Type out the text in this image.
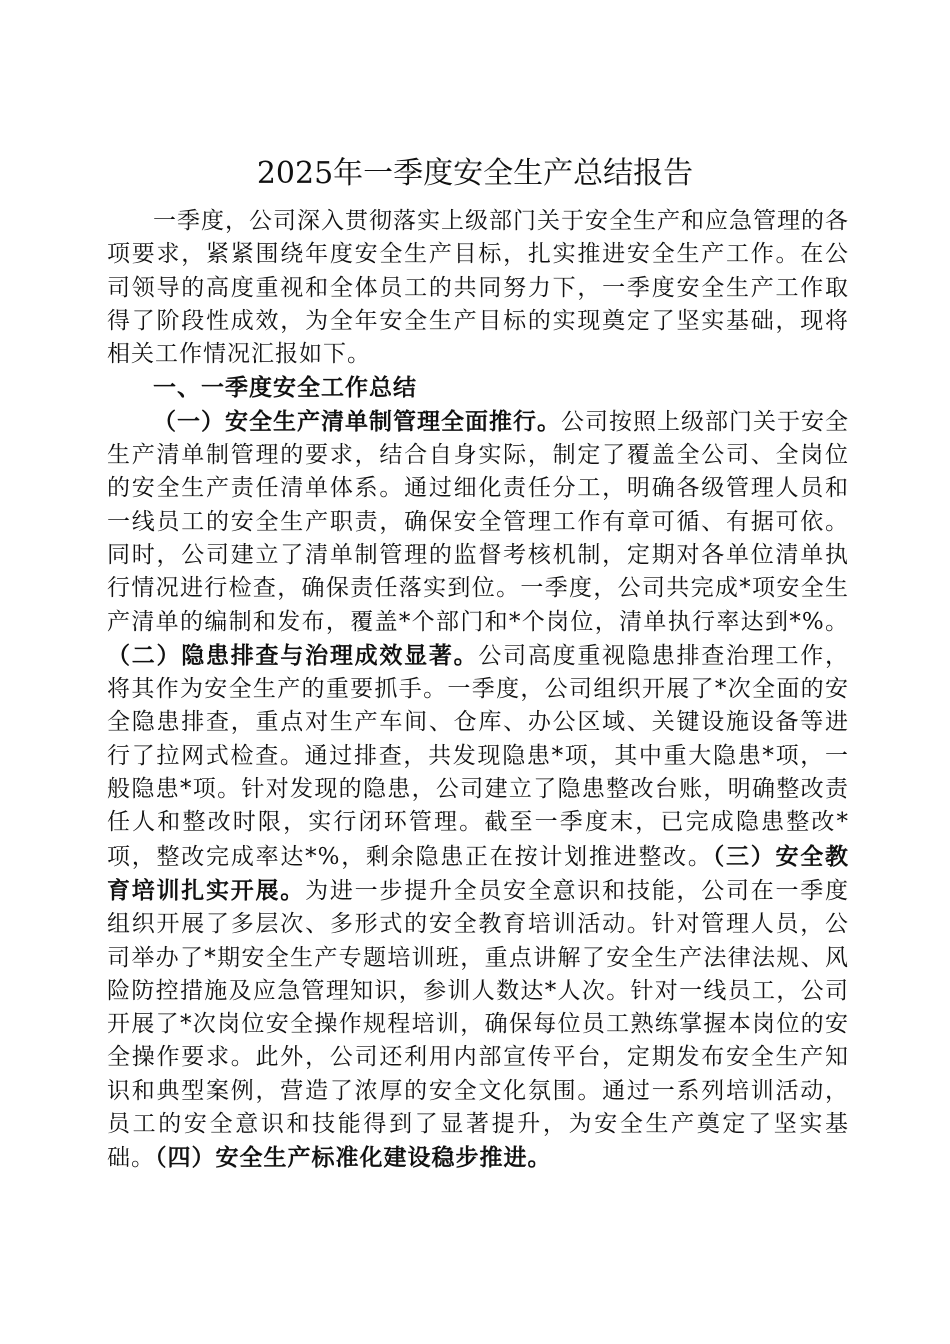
2025年一季度安全生产总结报告

一季度，公司深入贯彻落实上级部门关于安全生产和应急管理的各项要求，紧紧围绕年度安全生产目标，扎实推进安全生产工作。在公司领导的高度重视和全体员工的共同努力下，一季度安全生产工作取得了阶段性成效，为全年安全生产目标的实现奠定了坚实基础，现将相关工作情况汇报如下。

一、一季度安全工作总结

（一）安全生产清单制管理全面推行。公司按照上级部门关于安全生产清单制管理的要求，结合自身实际，制定了覆盖全公司、全岗位的安全生产责任清单体系。通过细化责任分工，明确各级管理人员和一线员工的安全生产职责，确保安全管理工作有章可循、有据可依。同时，公司建立了清单制管理的监督考核机制，定期对各单位清单执行情况进行检查，确保责任落实到位。一季度，公司共完成*项安全生产清单的编制和发布，覆盖*个部门和*个岗位，清单执行率达到*%。（二）隐患排查与治理成效显著。公司高度重视隐患排查治理工作，将其作为安全生产的重要抓手。一季度，公司组织开展了*次全面的安全隐患排查，重点对生产车间、仓库、办公区域、关键设施设备等进行了拉网式检查。通过排查，共发现隐患*项，其中重大隐患*项，一般隐患*项。针对发现的隐患，公司建立了隐患整改台账，明确整改责任人和整改时限，实行闭环管理。截至一季度末，已完成隐患整改*项，整改完成率达*%，剩余隐患正在按计划推进整改。（三）安全教育培训扎实开展。为进一步提升全员安全意识和技能，公司在一季度组织开展了多层次、多形式的安全教育培训活动。针对管理人员，公司举办了*期安全生产专题培训班，重点讲解了安全生产法律法规、风险防控措施及应急管理知识，参训人数达*人次。针对一线员工，公司开展了*次岗位安全操作规程培训，确保每位员工熟练掌握本岗位的安全操作要求。此外，公司还利用内部宣传平台，定期发布安全生产知识和典型案例，营造了浓厚的安全文化氛围。通过一系列培训活动，员工的安全意识和技能得到了显著提升，为安全生产奠定了坚实基础。（四）安全生产标准化建设稳步推进。
